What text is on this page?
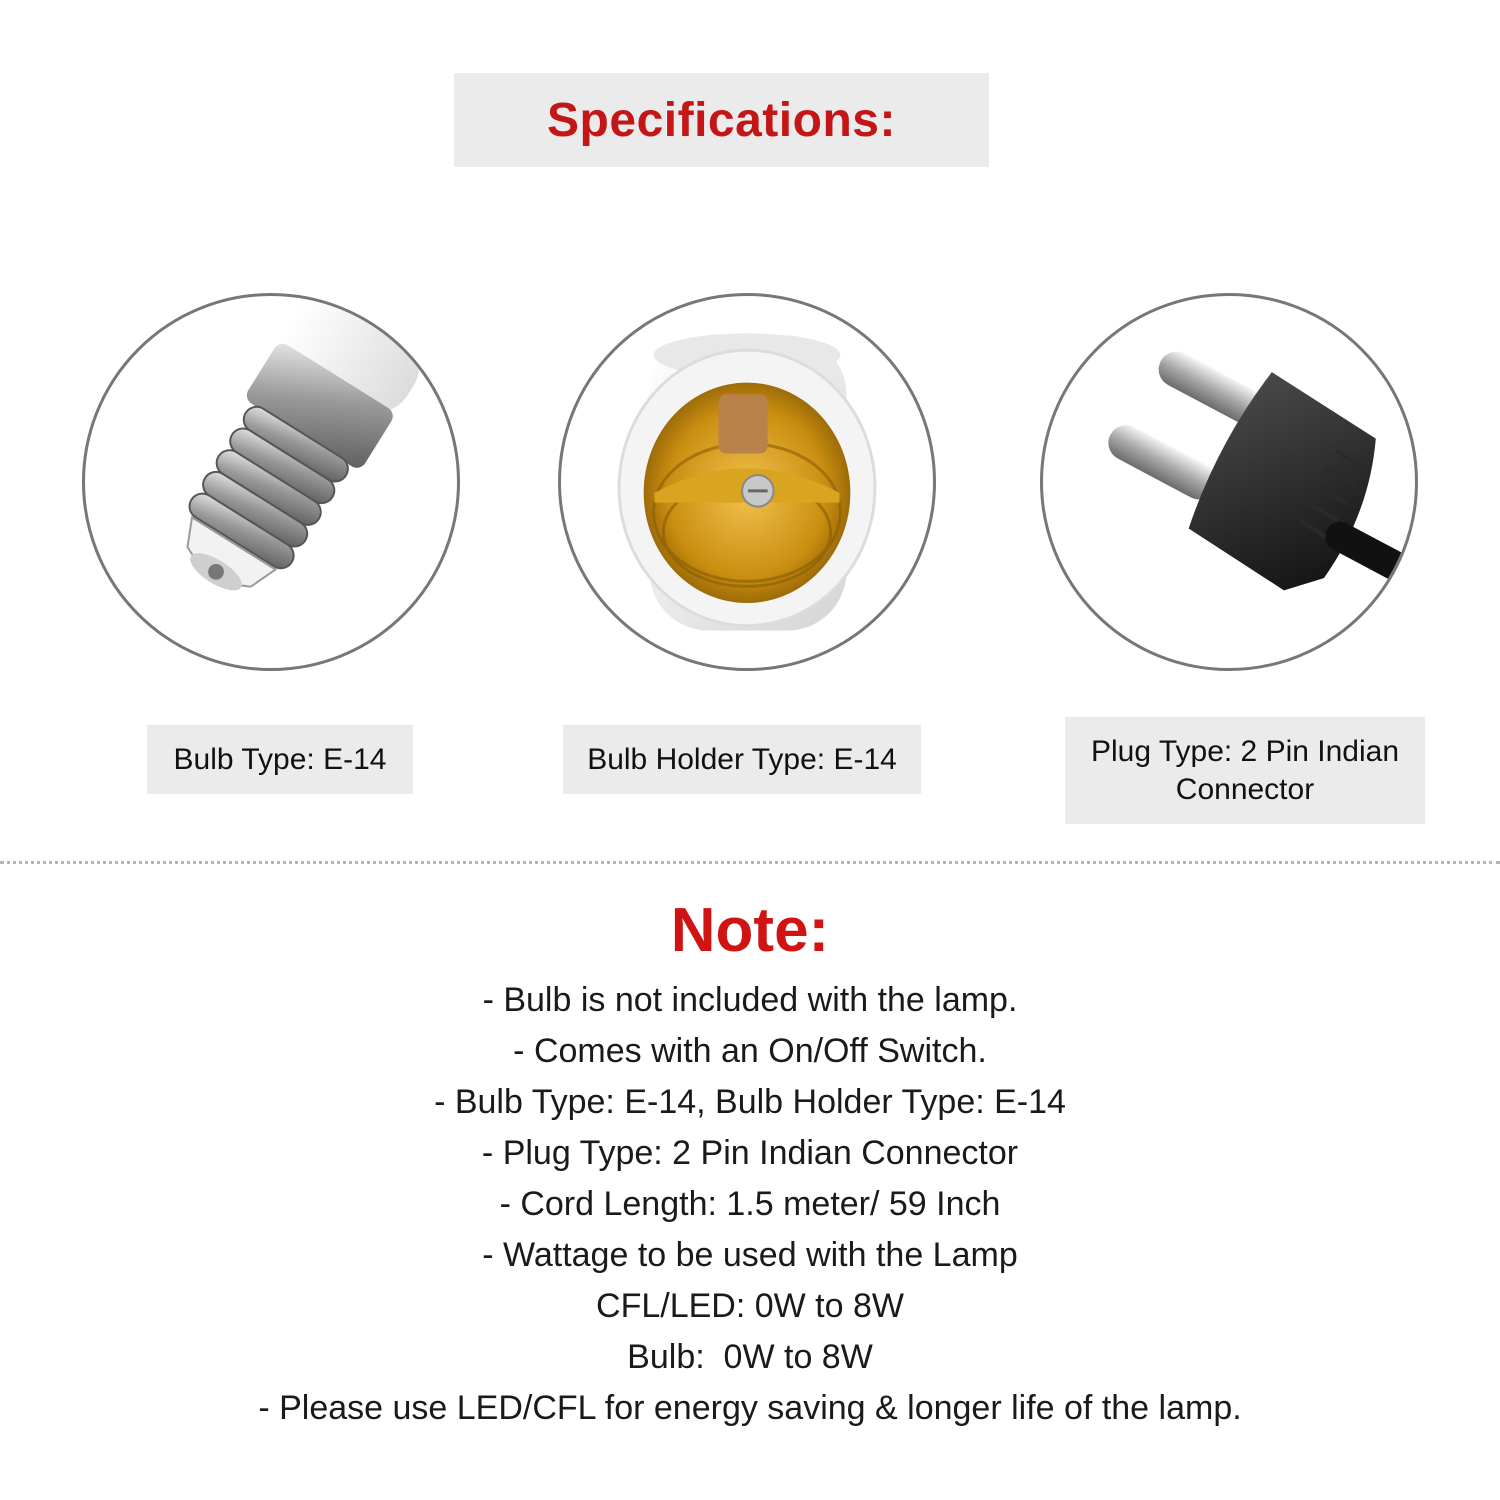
Specifications:
Bulb Type: E-14	Bulb Holder Type: E-14	Plug Type: 2 Pin Indian Connector
Note:
- Bulb is not included with the lamp.
- Comes with an On/Off Switch.
- Bulb Type: E-14, Bulb Holder Type: E-14
- Plug Type: 2 Pin Indian Connector
- Cord Length: 1.5 meter/ 59 Inch
- Wattage to be used with the Lamp
CFL/LED: 0W to 8W
Bulb:  0W to 8W
- Please use LED/CFL for energy saving & longer life of the lamp.
